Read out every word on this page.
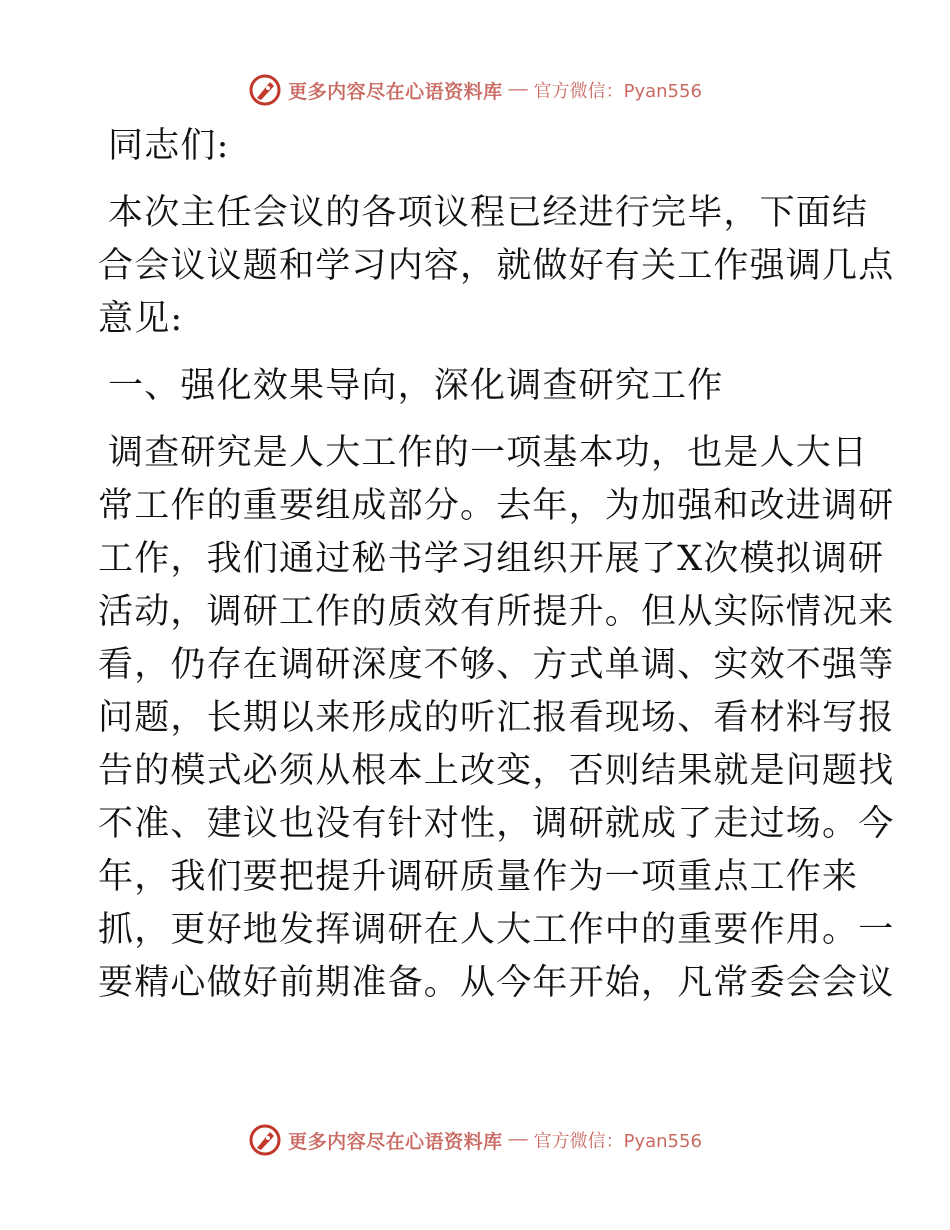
更多内容尽在心语资料库 — 官方微信：Pyan556
同志们:
本次主任会议的各项议程已经进行完毕，下面结
合会议议题和学习内容，就做好有关工作强调几点
意见:
一、强化效果导向，深化调查研究工作
调查研究是人大工作的一项基本功，也是人大日
常工作的重要组成部分。去年，为加强和改进调研
工作，我们通过秘书学习组织开展了X次模拟调研
活动，调研工作的质效有所提升。但从实际情况来
看，仍存在调研深度不够、方式单调、实效不强等
问题，长期以来形成的听汇报看现场、看材料写报
告的模式必须从根本上改变，否则结果就是问题找
不准、建议也没有针对性，调研就成了走过场。今
年，我们要把提升调研质量作为一项重点工作来
抓，更好地发挥调研在人大工作中的重要作用。一
要精心做好前期准备。从今年开始，凡常委会会议
更多内容尽在心语资料库 — 官方微信：Pyan556
